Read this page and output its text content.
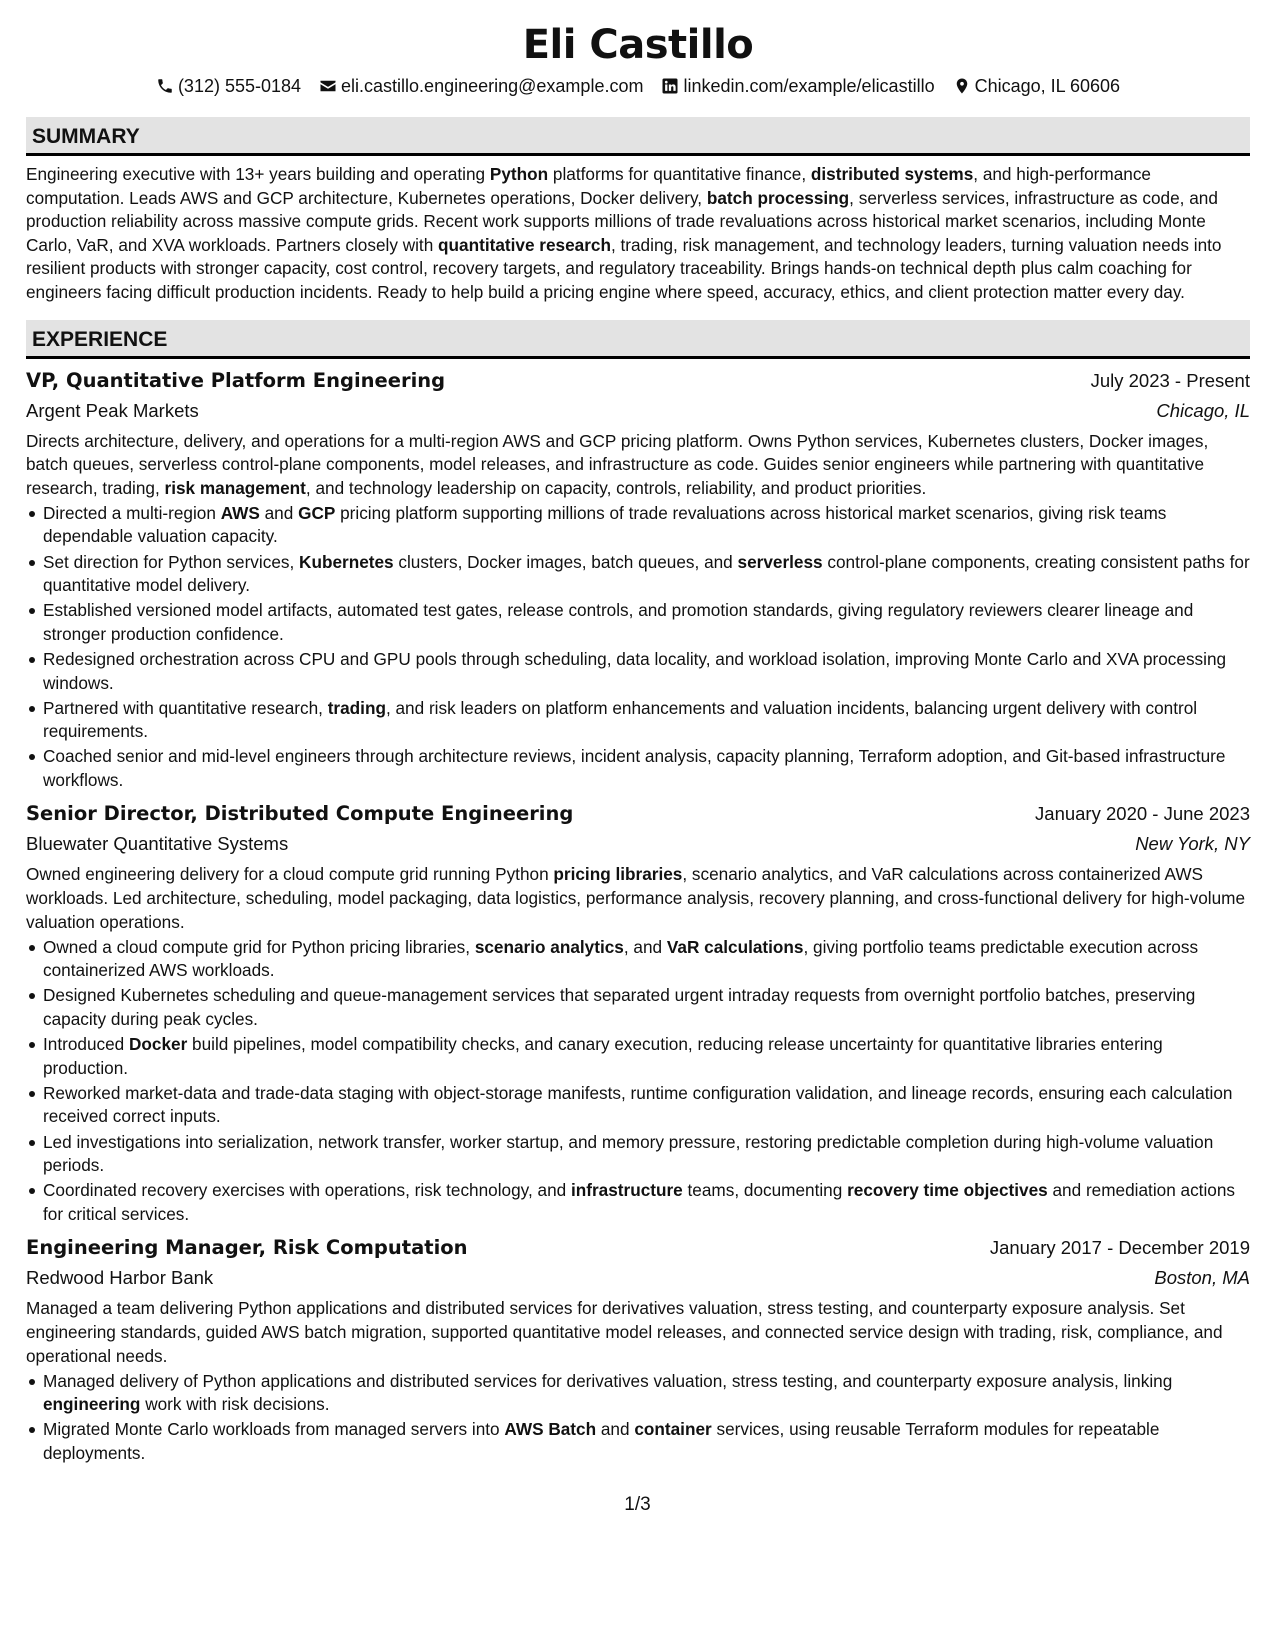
Eli Castillo
(312) 555-0184 eli.castillo.engineering@example.com linkedin.com/example/elicastillo Chicago, IL 60606
SUMMARY

Engineering executive with 13+ years building and operating Python platforms for quantitative finance, distributed systems, and high-performance computation. Leads AWS and GCP architecture, Kubernetes operations, Docker delivery, batch processing, serverless services, infrastructure as code, and production reliability across massive compute grids. Recent work supports millions of trade revaluations across historical market scenarios, including Monte Carlo, VaR, and XVA workloads. Partners closely with quantitative research, trading, risk management, and technology leaders, turning valuation needs into resilient products with stronger capacity, cost control, recovery targets, and regulatory traceability. Brings hands-on technical depth plus calm coaching for engineers facing difficult production incidents. Ready to help build a pricing engine where speed, accuracy, ethics, and client protection matter every day.

EXPERIENCE
VP, Quantitative Platform Engineering	July 2023 - Present
Argent Peak Markets	Chicago, IL
Directs architecture, delivery, and operations for a multi-region AWS and GCP pricing platform. Owns Python services, Kubernetes clusters, Docker images, batch queues, serverless control-plane components, model releases, and infrastructure as code. Guides senior engineers while partnering with quantitative research, trading, risk management, and technology leadership on capacity, controls, reliability, and product priorities.
Directed a multi-region AWS and GCP pricing platform supporting millions of trade revaluations across historical market scenarios, giving risk teams dependable valuation capacity.
Set direction for Python services, Kubernetes clusters, Docker images, batch queues, and serverless control-plane components, creating consistent paths for quantitative model delivery.
Established versioned model artifacts, automated test gates, release controls, and promotion standards, giving regulatory reviewers clearer lineage and stronger production confidence.
Redesigned orchestration across CPU and GPU pools through scheduling, data locality, and workload isolation, improving Monte Carlo and XVA processing windows.
Partnered with quantitative research, trading, and risk leaders on platform enhancements and valuation incidents, balancing urgent delivery with control requirements.
Coached senior and mid-level engineers through architecture reviews, incident analysis, capacity planning, Terraform adoption, and Git-based infrastructure workflows.
Senior Director, Distributed Compute Engineering	January 2020 - June 2023
Bluewater Quantitative Systems	New York, NY
Owned engineering delivery for a cloud compute grid running Python pricing libraries, scenario analytics, and VaR calculations across containerized AWS workloads. Led architecture, scheduling, model packaging, data logistics, performance analysis, recovery planning, and cross-functional delivery for high-volume valuation operations.
Owned a cloud compute grid for Python pricing libraries, scenario analytics, and VaR calculations, giving portfolio teams predictable execution across containerized AWS workloads.
Designed Kubernetes scheduling and queue-management services that separated urgent intraday requests from overnight portfolio batches, preserving capacity during peak cycles.
Introduced Docker build pipelines, model compatibility checks, and canary execution, reducing release uncertainty for quantitative libraries entering production.
Reworked market-data and trade-data staging with object-storage manifests, runtime configuration validation, and lineage records, ensuring each calculation received correct inputs.
Led investigations into serialization, network transfer, worker startup, and memory pressure, restoring predictable completion during high-volume valuation periods.
Coordinated recovery exercises with operations, risk technology, and infrastructure teams, documenting recovery time objectives and remediation actions for critical services.
Engineering Manager, Risk Computation	January 2017 - December 2019
Redwood Harbor Bank	Boston, MA
Managed a team delivering Python applications and distributed services for derivatives valuation, stress testing, and counterparty exposure analysis. Set engineering standards, guided AWS batch migration, supported quantitative model releases, and connected service design with trading, risk, compliance, and operational needs.
Managed delivery of Python applications and distributed services for derivatives valuation, stress testing, and counterparty exposure analysis, linking engineering work with risk decisions.
Migrated Monte Carlo workloads from managed servers into AWS Batch and container services, using reusable Terraform modules for repeatable deployments.
1/3
